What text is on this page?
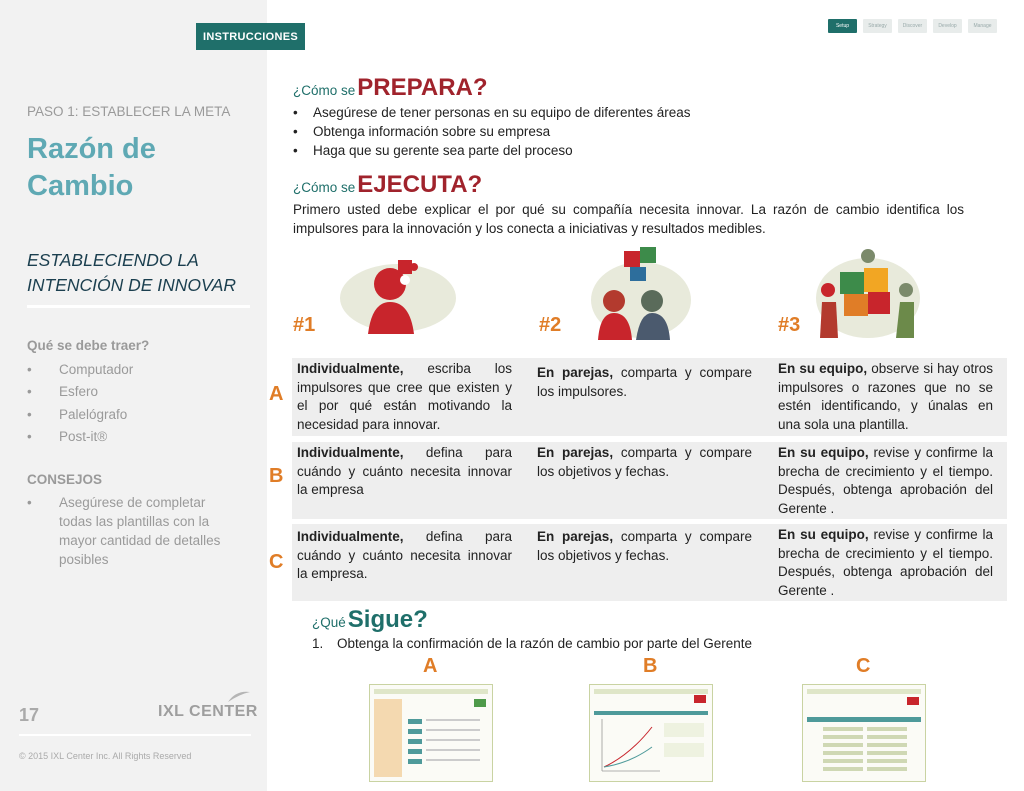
INSTRUCCIONES
PASO 1: ESTABLECER LA META
Razón de
Cambio
ESTABLECIENDO LA
INTENCIÓN DE INNOVAR
Qué se debe traer?
• Computador
• Esfero
• Palelógrafo
• Post-it®
CONSEJOS
• Asegúrese de completar todas las plantillas con la mayor cantidad de detalles posibles
17	IXL CENTER
© 2015 IXL Center Inc. All Rights Reserved
Setup	Strategy	Discover	Develop	Manage
¿Cómo sePREPARA?
• Asegúrese de tener personas en su equipo de diferentes áreas
• Obtenga información sobre su empresa
• Haga que su gerente sea parte del proceso
¿Cómo seEJECUTA?
Primero usted debe explicar el por qué su compañía necesita innovar. La razón de cambio identifica los impulsores para la innovación y los conecta a iniciativas y resultados medibles.
#1	#2	#3
A
Individualmente, escriba los impulsores que cree que existen y el por qué están motivando la necesidad para innovar.
En parejas, comparta y compare los impulsores.
En su equipo, observe si hay otros impulsores o razones que no se estén identificando, y únalas en una sola una plantilla.
B
Individualmente, defina para cuándo y cuánto necesita innovar la empresa
En parejas, comparta y compare los objetivos y fechas.
En su equipo, revise y confirme la brecha de crecimiento y el tiempo. Después, obtenga aprobación del Gerente .
C
Individualmente, defina para cuándo y cuánto necesita innovar la empresa.
En parejas, comparta y compare los objetivos y fechas.
En su equipo, revise y confirme la brecha de crecimiento y el tiempo. Después, obtenga aprobación del Gerente .
¿QuéSigue?
1. Obtenga la confirmación de la razón de cambio por parte del Gerente
A	B	C
